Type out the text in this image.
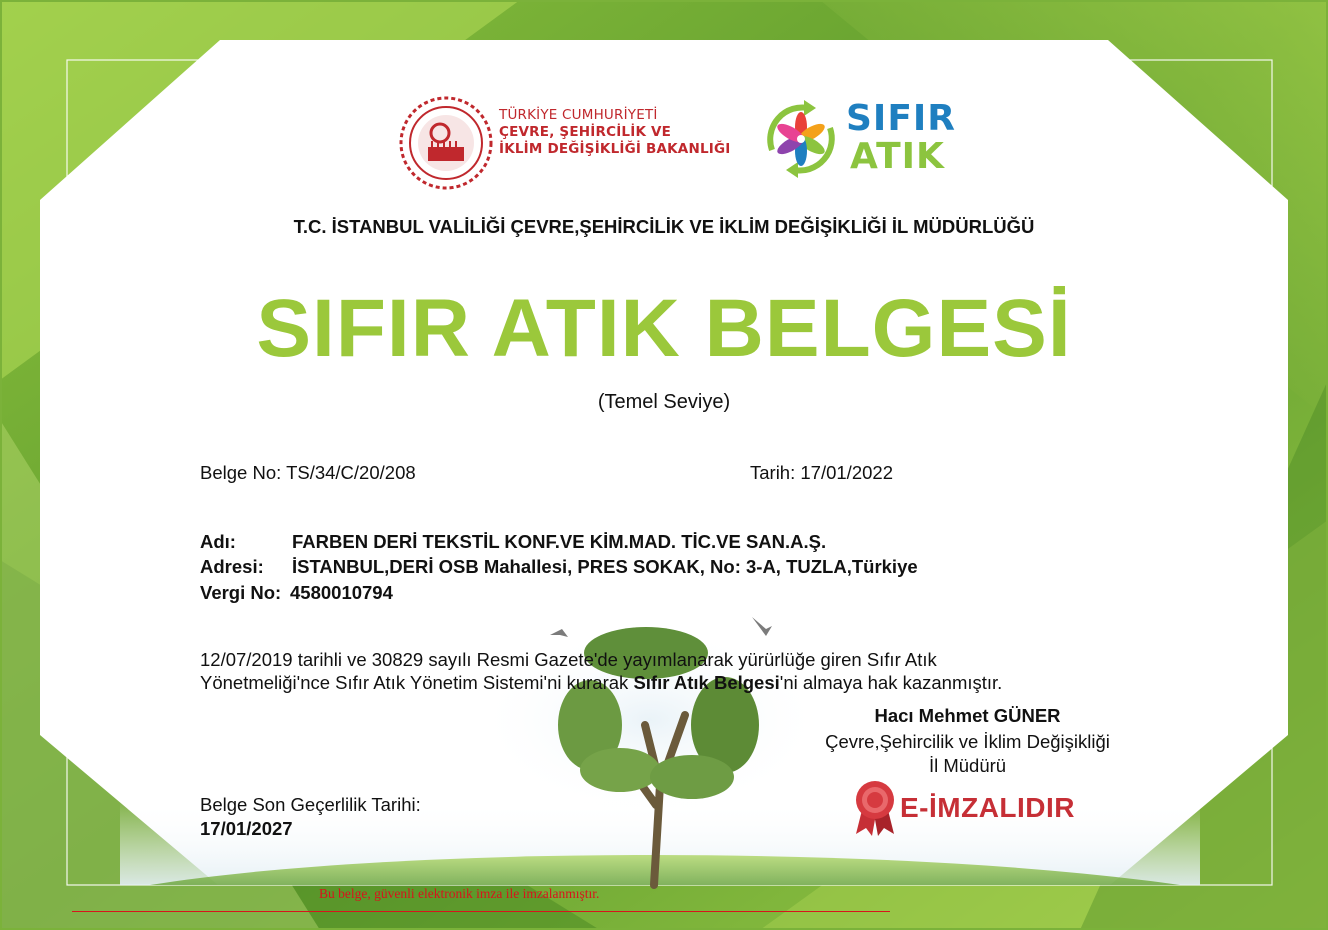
TÜRKİYE CUMHURİYETİ
ÇEVRE, ŞEHİRCİLİK VE
İKLİM DEĞİŞİKLİĞİ BAKANLIĞI
SIFIR
ATIK
T.C. İSTANBUL VALİLİĞİ ÇEVRE,ŞEHİRCİLİK VE İKLİM DEĞİŞİKLİĞİ İL MÜDÜRLÜĞÜ
SIFIR ATIK BELGESİ
(Temel Seviye)
Belge No: TS/34/C/20/208	Tarih: 17/01/2022
Adı:	FARBEN DERİ TEKSTİL KONF.VE KİM.MAD. TİC.VE SAN.A.Ş.
Adresi: İSTANBUL,DERİ OSB Mahallesi, PRES SOKAK, No: 3-A, TUZLA,Türkiye
Vergi No: 4580010794
12/07/2019 tarihli ve 30829 sayılı Resmi Gazete'de yayımlanarak yürürlüğe giren Sıfır Atık
Yönetmeliği'nce Sıfır Atık Yönetim Sistemi'ni kurarak Sıfır Atık Belgesi'ni almaya hak kazanmıştır.
Hacı Mehmet GÜNER
Çevre,Şehircilik ve İklim Değişikliği
İl Müdürü
Belge Son Geçerlilik Tarihi:
17/01/2027
E-İMZALIDIR
Bu belge, güvenli elektronik imza ile imzalanmıştır.
